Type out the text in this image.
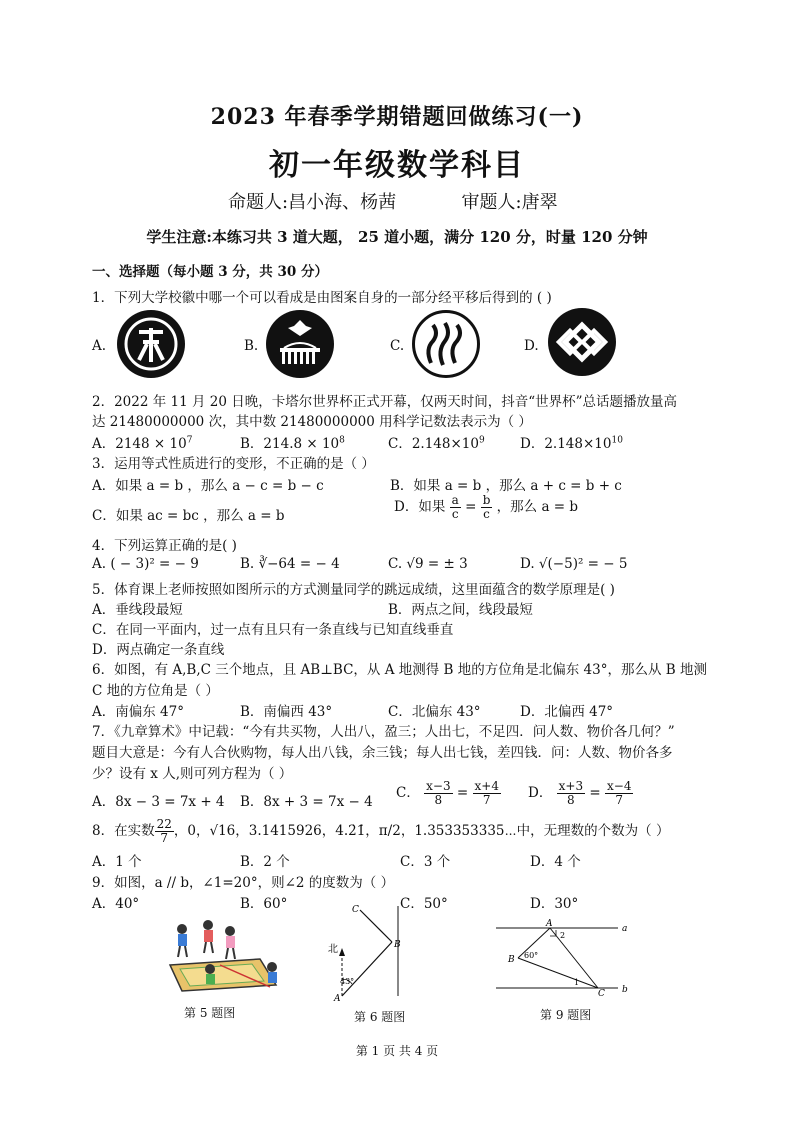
2023 年春季学期错题回做练习(一)
初一年级数学科目
命题人:昌小海、杨茜	审题人:唐翠
学生注意:本练习共 3 道大题， 25 道小题，满分 120 分，时量 120 分钟
一、选择题（每小题 3 分，共 30 分）
1．下列大学校徽中哪一个可以看成是由图案自身的一部分经平移后得到的 ( )
A.	B.	C.	D.
2．2022 年 11 月 20 日晚，卡塔尔世界杯正式开幕，仅两天时间，抖音“世界杯”总话题播放量高
达 21480000000 次，其中数 21480000000 用科学记数法表示为（ ）
A．$2148 \times 10^7$	B．$214.8 \times 10^8$	C．$2.148\times 10^9$	D．$2.148\times 10^{10}$
3．运用等式性质进行的变形，不正确的是（ ）
A．如果 a = b ，那么 a − c = b − c	B．如果 a = b ，那么 a + c = b + c
C．如果 ac = bc ，那么 a = b
D．如果 $\frac{a}{c} = \frac{b}{c}$ ，那么 a = b
4．下列运算正确的是( )
A. ( − 3)² = − 9	B. ∛−64 = − 4	C. √9 = ± 3	D. √(−5)² = − 5
5．体育课上老师按照如图所示的方式测量同学的跳远成绩，这里面蕴含的数学原理是( )
A．垂线段最短	B．两点之间，线段最短
C．在同一平面内，过一点有且只有一条直线与已知直线垂直
D．两点确定一条直线
6．如图，有 A,B,C 三个地点，且 AB⊥BC，从 A 地测得 B 地的方位角是北偏东 43°，那么从 B 地测
C 地的方位角是（ ）
A．南偏东 47°	B．南偏西 43°	C．北偏东 43°	D．北偏西 47°
7．《九章算术》中记载：“今有共买物，人出八，盈三；人出七，不足四．问人数、物价各几何？”
题目大意是：今有人合伙购物，每人出八钱，余三钱；每人出七钱，差四钱．问：人数、物价各多
少？设有 x 人,则可列方程为（ ）
A．8x − 3 = 7x + 4 B．8x + 3 = 7x − 4
C． $\frac{x-3}{8} = \frac{x+4}{7}$ D． $\frac{x+3}{8} = \frac{x-4}{7}$
8．在实数 $\frac{22}{7}$ ，0，√16，3.1415926，4.2̇1̇，π/2，1.353353335⋯中，无理数的个数为（ ）
A．1 个	B．2 个	C．3 个	D．4 个
9．如图，a // b，∠1=20°，则∠2 的度数为（ ）
A．40°	B．60°	C．50°	D．30°
第 5 题图
北
A
B
C
43°
第 6 题图
A
B
C
a
b
1
2
60°
第 9 题图
第 1 页 共 4 页
